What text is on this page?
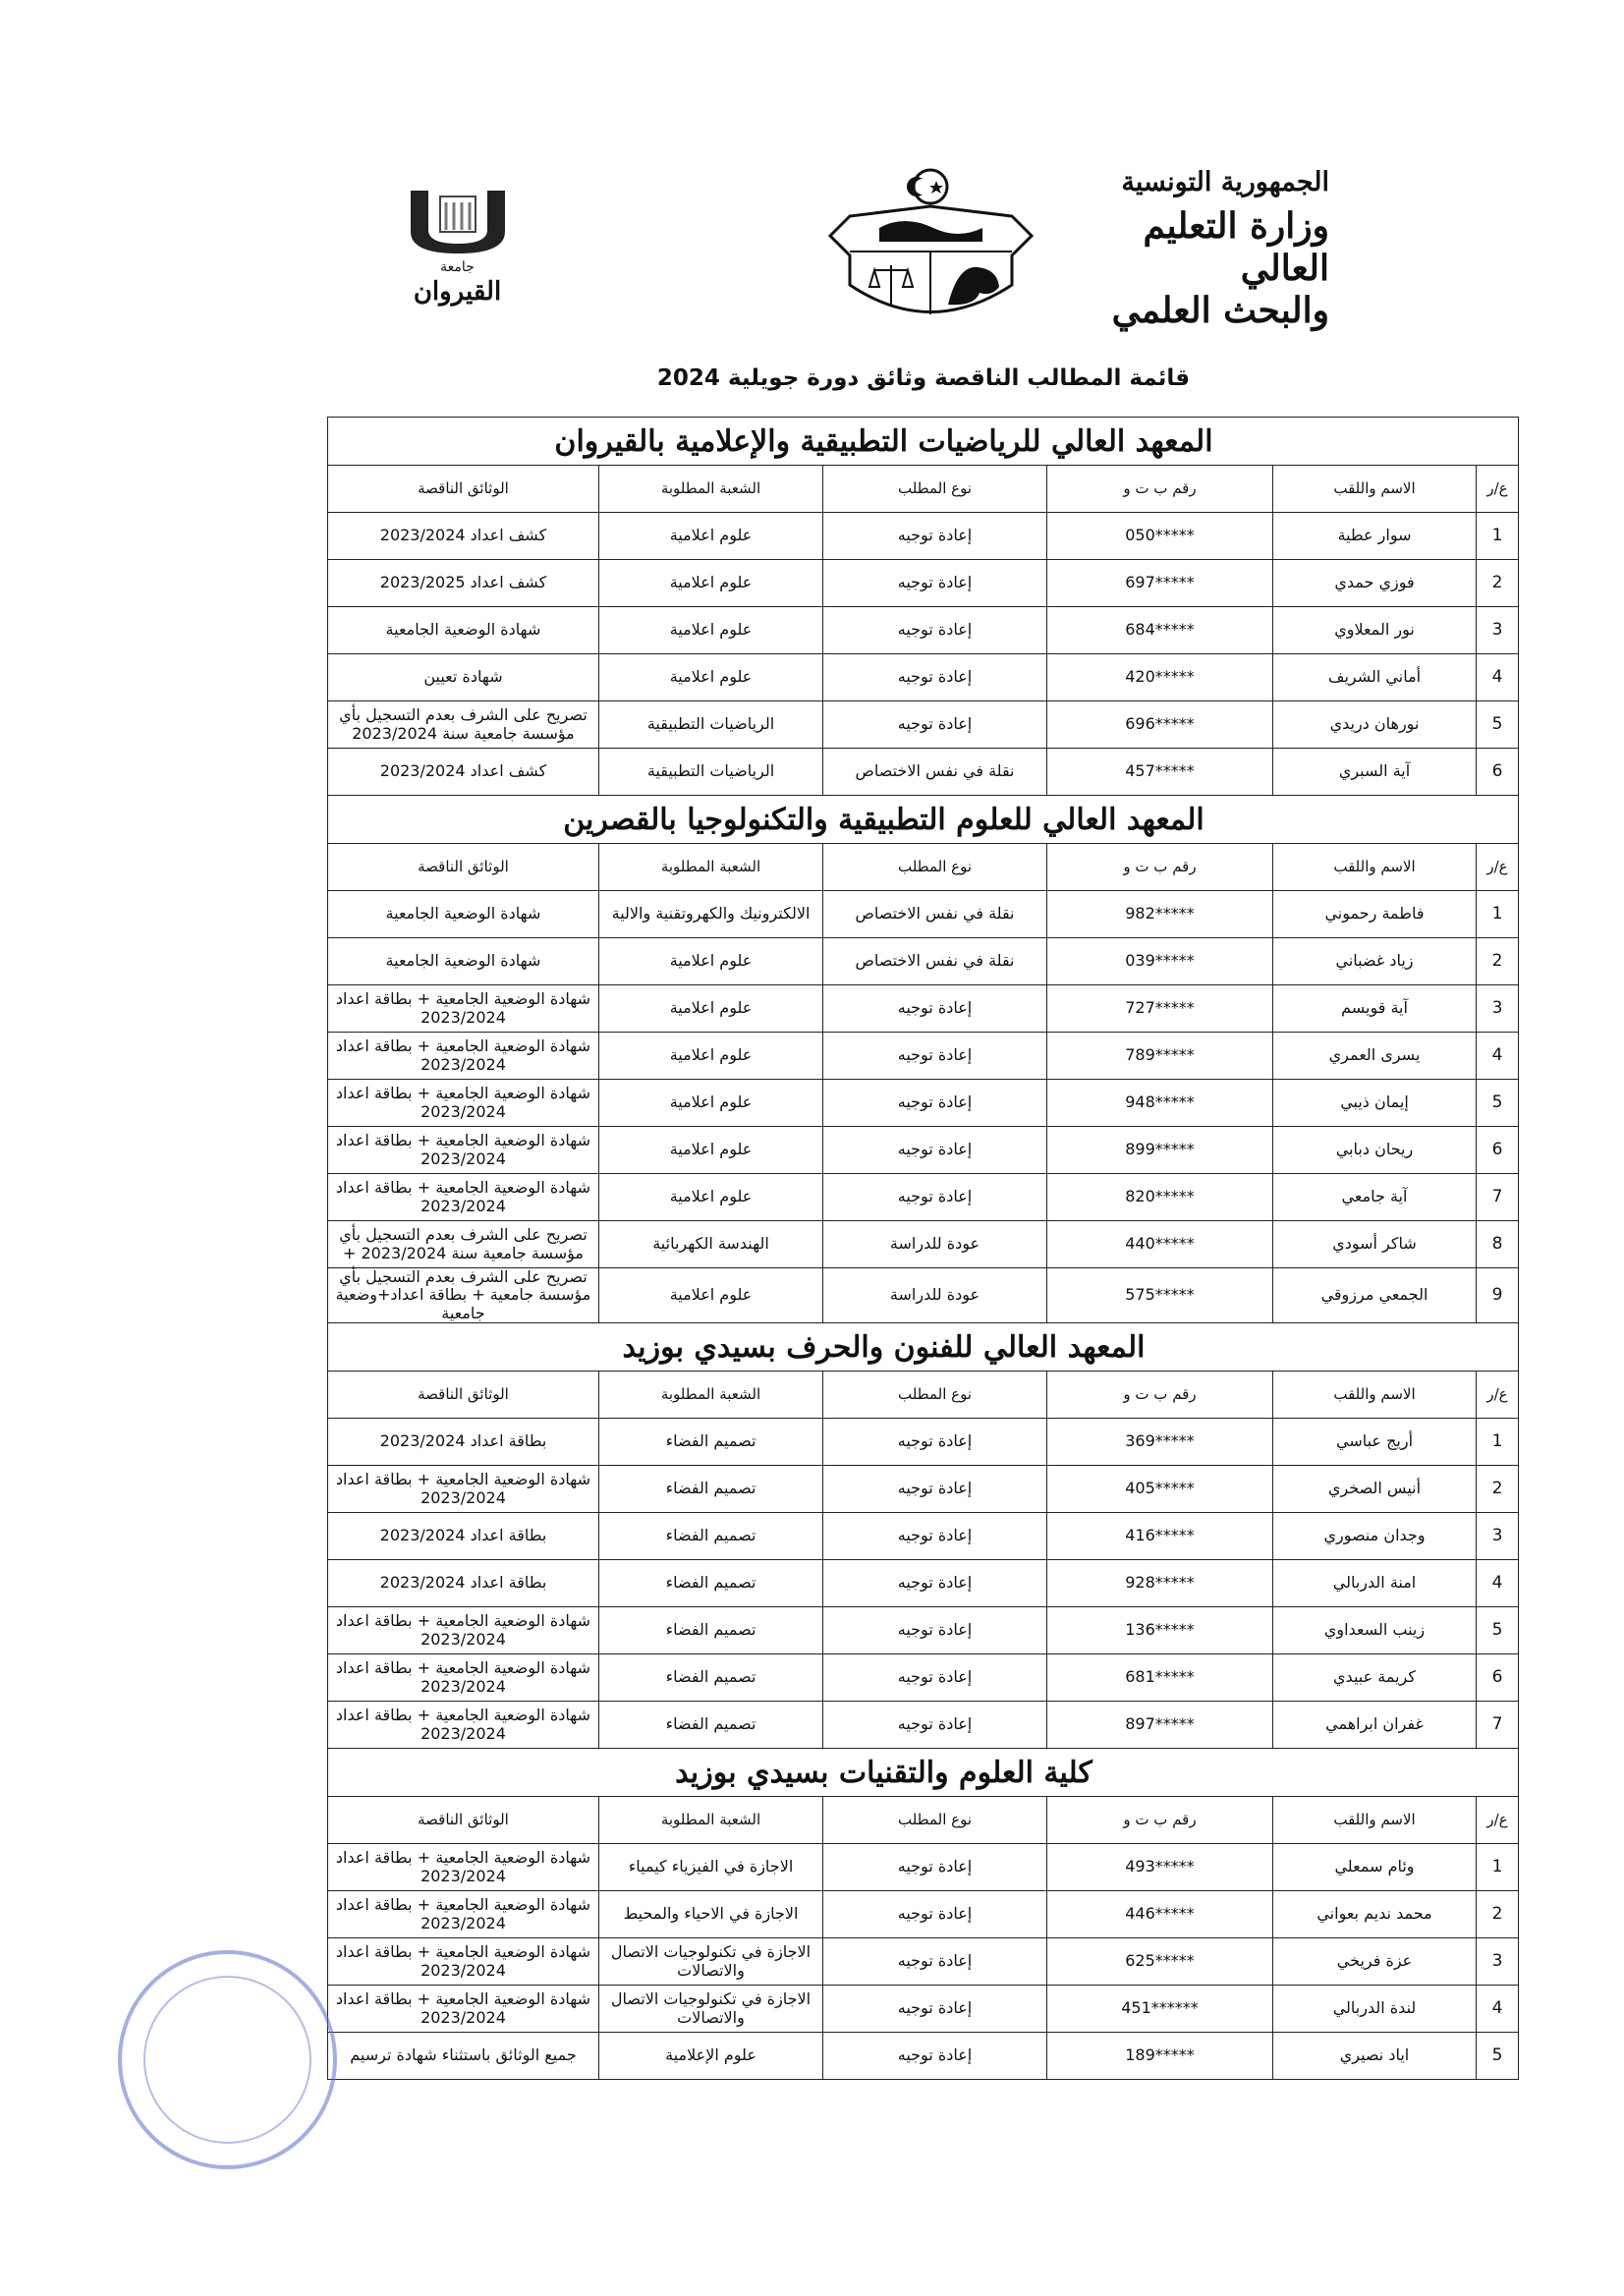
الجمهورية التونسية
وزارة التعليم العالي
والبحث العلمي
جامعة
القيروان
قائمة المطالب الناقصة وثائق دورة جويلية 2024
المعهد العالي للرياضيات التطبيقية والإعلامية بالقيروان					
ع/ر	الاسم واللقب	رقم ب ت و	نوع المطلب	الشعبة المطلوبة	الوثائق الناقصة
1	سوار عطية	*****050	إعادة توجيه	علوم اعلامية	كشف اعداد 2023/2024
2	فوزي حمدي	*****697	إعادة توجيه	علوم اعلامية	كشف اعداد 2023/2025
3	نور المعلاوي	*****684	إعادة توجيه	علوم اعلامية	شهادة الوضعية الجامعية
4	أماني الشريف	*****420	إعادة توجيه	علوم اعلامية	شهادة تعيين
5	نورهان دريدي	*****696	إعادة توجيه	الرياضيات التطبيقية	تصريح على الشرف بعدم التسجيل بأي مؤسسة جامعية سنة 2023/2024
6	آية السبري	*****457	نقلة في نفس الاختصاص	الرياضيات التطبيقية	كشف اعداد 2023/2024
المعهد العالي للعلوم التطبيقية والتكنولوجيا بالقصرين					
ع/ر	الاسم واللقب	رقم ب ت و	نوع المطلب	الشعبة المطلوبة	الوثائق الناقصة
1	فاطمة رحموني	*****982	نقلة في نفس الاختصاص	الالكترونيك والكهروتقنية والالية	شهادة الوضعية الجامعية
2	زياد غضباني	*****039	نقلة في نفس الاختصاص	علوم اعلامية	شهادة الوضعية الجامعية
3	آية قويسم	*****727	إعادة توجيه	علوم اعلامية	شهادة الوضعية الجامعية + بطاقة اعداد 2023/2024
4	يسرى العمري	*****789	إعادة توجيه	علوم اعلامية	شهادة الوضعية الجامعية + بطاقة اعداد 2023/2024
5	إيمان ذيبي	*****948	إعادة توجيه	علوم اعلامية	شهادة الوضعية الجامعية + بطاقة اعداد 2023/2024
6	ريحان دبابي	*****899	إعادة توجيه	علوم اعلامية	شهادة الوضعية الجامعية + بطاقة اعداد 2023/2024
7	آية جامعي	*****820	إعادة توجيه	علوم اعلامية	شهادة الوضعية الجامعية + بطاقة اعداد 2023/2024
8	شاكر أسودي	*****440	عودة للدراسة	الهندسة الكهربائية	تصريح على الشرف بعدم التسجيل بأي مؤسسة جامعية سنة 2023/2024 +
9	الجمعي مرزوقي	*****575	عودة للدراسة	علوم اعلامية	تصريح على الشرف بعدم التسجيل بأي مؤسسة جامعية + بطاقة اعداد+وضعية جامعية
المعهد العالي للفنون والحرف بسيدي بوزيد					
ع/ر	الاسم واللقب	رقم ب ت و	نوع المطلب	الشعبة المطلوبة	الوثائق الناقصة
1	أريج عباسي	*****369	إعادة توجيه	تصميم الفضاء	بطاقة اعداد 2023/2024
2	أنيس الصخري	*****405	إعادة توجيه	تصميم الفضاء	شهادة الوضعية الجامعية + بطاقة اعداد 2023/2024
3	وجدان منصوري	*****416	إعادة توجيه	تصميم الفضاء	بطاقة اعداد 2023/2024
4	امنة الدربالي	*****928	إعادة توجيه	تصميم الفضاء	بطاقة اعداد 2023/2024
5	زينب السعداوي	*****136	إعادة توجيه	تصميم الفضاء	شهادة الوضعية الجامعية + بطاقة اعداد 2023/2024
6	كريمة عبيدي	*****681	إعادة توجيه	تصميم الفضاء	شهادة الوضعية الجامعية + بطاقة اعداد 2023/2024
7	غفران ابراهمي	*****897	إعادة توجيه	تصميم الفضاء	شهادة الوضعية الجامعية + بطاقة اعداد 2023/2024
كلية العلوم والتقنيات بسيدي بوزيد					
ع/ر	الاسم واللقب	رقم ب ت و	نوع المطلب	الشعبة المطلوبة	الوثائق الناقصة
1	وئام سمعلي	*****493	إعادة توجيه	الاجازة في الفيزياء كيمياء	شهادة الوضعية الجامعية + بطاقة اعداد 2023/2024
2	محمد نديم بعواني	*****446	إعادة توجيه	الاجازة في الاحياء والمحيط	شهادة الوضعية الجامعية + بطاقة اعداد 2023/2024
3	عزة فريخي	*****625	إعادة توجيه	الاجازة في تكنولوجيات الاتصال والاتصالات	شهادة الوضعية الجامعية + بطاقة اعداد 2023/2024
4	لندة الدربالي	******451	إعادة توجيه	الاجازة في تكنولوجيات الاتصال والاتصالات	شهادة الوضعية الجامعية + بطاقة اعداد 2023/2024
5	اياد نصيري	*****189	إعادة توجيه	علوم الإعلامية	جميع الوثائق باستثناء شهادة ترسيم
